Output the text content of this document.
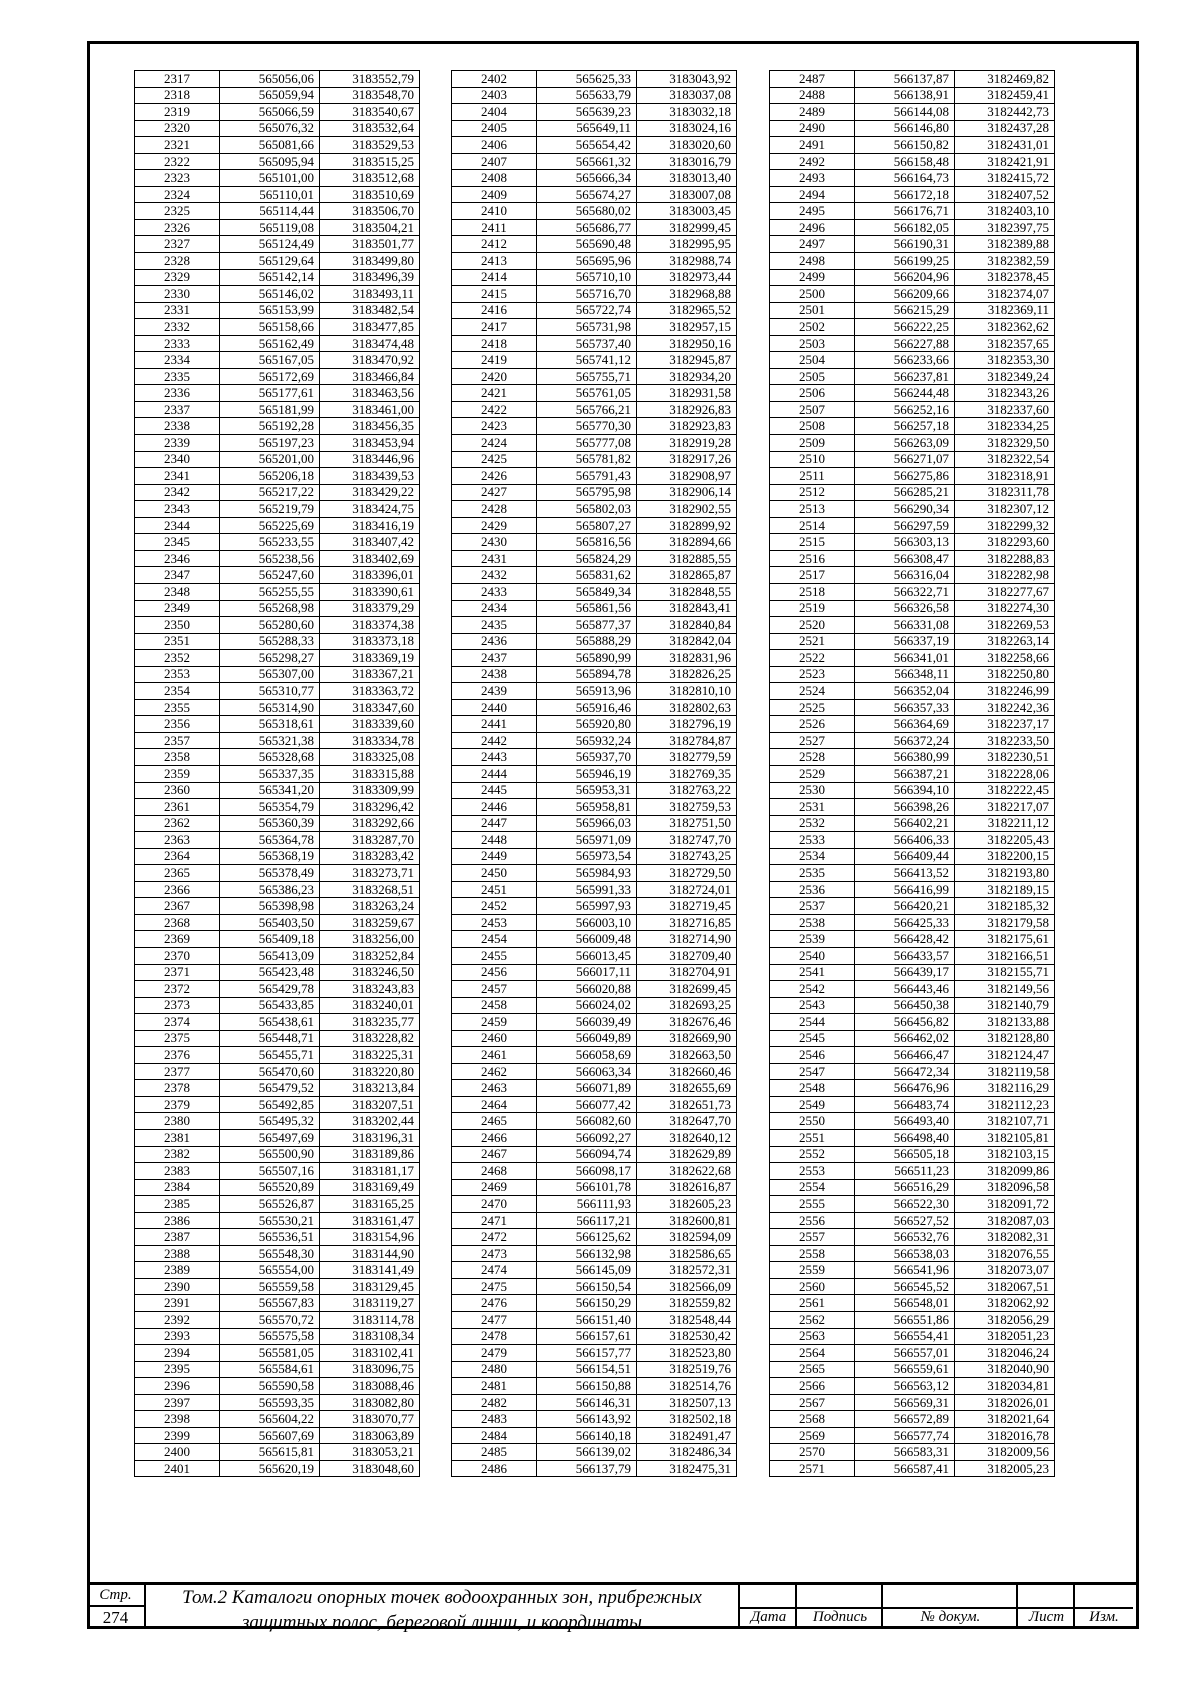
2317	565056,06	3183552,79
2318	565059,94	3183548,70
2319	565066,59	3183540,67
2320	565076,32	3183532,64
2321	565081,66	3183529,53
2322	565095,94	3183515,25
2323	565101,00	3183512,68
2324	565110,01	3183510,69
2325	565114,44	3183506,70
2326	565119,08	3183504,21
2327	565124,49	3183501,77
2328	565129,64	3183499,80
2329	565142,14	3183496,39
2330	565146,02	3183493,11
2331	565153,99	3183482,54
2332	565158,66	3183477,85
2333	565162,49	3183474,48
2334	565167,05	3183470,92
2335	565172,69	3183466,84
2336	565177,61	3183463,56
2337	565181,99	3183461,00
2338	565192,28	3183456,35
2339	565197,23	3183453,94
2340	565201,00	3183446,96
2341	565206,18	3183439,53
2342	565217,22	3183429,22
2343	565219,79	3183424,75
2344	565225,69	3183416,19
2345	565233,55	3183407,42
2346	565238,56	3183402,69
2347	565247,60	3183396,01
2348	565255,55	3183390,61
2349	565268,98	3183379,29
2350	565280,60	3183374,38
2351	565288,33	3183373,18
2352	565298,27	3183369,19
2353	565307,00	3183367,21
2354	565310,77	3183363,72
2355	565314,90	3183347,60
2356	565318,61	3183339,60
2357	565321,38	3183334,78
2358	565328,68	3183325,08
2359	565337,35	3183315,88
2360	565341,20	3183309,99
2361	565354,79	3183296,42
2362	565360,39	3183292,66
2363	565364,78	3183287,70
2364	565368,19	3183283,42
2365	565378,49	3183273,71
2366	565386,23	3183268,51
2367	565398,98	3183263,24
2368	565403,50	3183259,67
2369	565409,18	3183256,00
2370	565413,09	3183252,84
2371	565423,48	3183246,50
2372	565429,78	3183243,83
2373	565433,85	3183240,01
2374	565438,61	3183235,77
2375	565448,71	3183228,82
2376	565455,71	3183225,31
2377	565470,60	3183220,80
2378	565479,52	3183213,84
2379	565492,85	3183207,51
2380	565495,32	3183202,44
2381	565497,69	3183196,31
2382	565500,90	3183189,86
2383	565507,16	3183181,17
2384	565520,89	3183169,49
2385	565526,87	3183165,25
2386	565530,21	3183161,47
2387	565536,51	3183154,96
2388	565548,30	3183144,90
2389	565554,00	3183141,49
2390	565559,58	3183129,45
2391	565567,83	3183119,27
2392	565570,72	3183114,78
2393	565575,58	3183108,34
2394	565581,05	3183102,41
2395	565584,61	3183096,75
2396	565590,58	3183088,46
2397	565593,35	3183082,80
2398	565604,22	3183070,77
2399	565607,69	3183063,89
2400	565615,81	3183053,21
2401	565620,19	3183048,60
2402	565625,33	3183043,92
2403	565633,79	3183037,08
2404	565639,23	3183032,18
2405	565649,11	3183024,16
2406	565654,42	3183020,60
2407	565661,32	3183016,79
2408	565666,34	3183013,40
2409	565674,27	3183007,08
2410	565680,02	3183003,45
2411	565686,77	3182999,45
2412	565690,48	3182995,95
2413	565695,96	3182988,74
2414	565710,10	3182973,44
2415	565716,70	3182968,88
2416	565722,74	3182965,52
2417	565731,98	3182957,15
2418	565737,40	3182950,16
2419	565741,12	3182945,87
2420	565755,71	3182934,20
2421	565761,05	3182931,58
2422	565766,21	3182926,83
2423	565770,30	3182923,83
2424	565777,08	3182919,28
2425	565781,82	3182917,26
2426	565791,43	3182908,97
2427	565795,98	3182906,14
2428	565802,03	3182902,55
2429	565807,27	3182899,92
2430	565816,56	3182894,66
2431	565824,29	3182885,55
2432	565831,62	3182865,87
2433	565849,34	3182848,55
2434	565861,56	3182843,41
2435	565877,37	3182840,84
2436	565888,29	3182842,04
2437	565890,99	3182831,96
2438	565894,78	3182826,25
2439	565913,96	3182810,10
2440	565916,46	3182802,63
2441	565920,80	3182796,19
2442	565932,24	3182784,87
2443	565937,70	3182779,59
2444	565946,19	3182769,35
2445	565953,31	3182763,22
2446	565958,81	3182759,53
2447	565966,03	3182751,50
2448	565971,09	3182747,70
2449	565973,54	3182743,25
2450	565984,93	3182729,50
2451	565991,33	3182724,01
2452	565997,93	3182719,45
2453	566003,10	3182716,85
2454	566009,48	3182714,90
2455	566013,45	3182709,40
2456	566017,11	3182704,91
2457	566020,88	3182699,45
2458	566024,02	3182693,25
2459	566039,49	3182676,46
2460	566049,89	3182669,90
2461	566058,69	3182663,50
2462	566063,34	3182660,46
2463	566071,89	3182655,69
2464	566077,42	3182651,73
2465	566082,60	3182647,70
2466	566092,27	3182640,12
2467	566094,74	3182629,89
2468	566098,17	3182622,68
2469	566101,78	3182616,87
2470	566111,93	3182605,23
2471	566117,21	3182600,81
2472	566125,62	3182594,09
2473	566132,98	3182586,65
2474	566145,09	3182572,31
2475	566150,54	3182566,09
2476	566150,29	3182559,82
2477	566151,40	3182548,44
2478	566157,61	3182530,42
2479	566157,77	3182523,80
2480	566154,51	3182519,76
2481	566150,88	3182514,76
2482	566146,31	3182507,13
2483	566143,92	3182502,18
2484	566140,18	3182491,47
2485	566139,02	3182486,34
2486	566137,79	3182475,31
2487	566137,87	3182469,82
2488	566138,91	3182459,41
2489	566144,08	3182442,73
2490	566146,80	3182437,28
2491	566150,82	3182431,01
2492	566158,48	3182421,91
2493	566164,73	3182415,72
2494	566172,18	3182407,52
2495	566176,71	3182403,10
2496	566182,05	3182397,75
2497	566190,31	3182389,88
2498	566199,25	3182382,59
2499	566204,96	3182378,45
2500	566209,66	3182374,07
2501	566215,29	3182369,11
2502	566222,25	3182362,62
2503	566227,88	3182357,65
2504	566233,66	3182353,30
2505	566237,81	3182349,24
2506	566244,48	3182343,26
2507	566252,16	3182337,60
2508	566257,18	3182334,25
2509	566263,09	3182329,50
2510	566271,07	3182322,54
2511	566275,86	3182318,91
2512	566285,21	3182311,78
2513	566290,34	3182307,12
2514	566297,59	3182299,32
2515	566303,13	3182293,60
2516	566308,47	3182288,83
2517	566316,04	3182282,98
2518	566322,71	3182277,67
2519	566326,58	3182274,30
2520	566331,08	3182269,53
2521	566337,19	3182263,14
2522	566341,01	3182258,66
2523	566348,11	3182250,80
2524	566352,04	3182246,99
2525	566357,33	3182242,36
2526	566364,69	3182237,17
2527	566372,24	3182233,50
2528	566380,99	3182230,51
2529	566387,21	3182228,06
2530	566394,10	3182222,45
2531	566398,26	3182217,07
2532	566402,21	3182211,12
2533	566406,33	3182205,43
2534	566409,44	3182200,15
2535	566413,52	3182193,80
2536	566416,99	3182189,15
2537	566420,21	3182185,32
2538	566425,33	3182179,58
2539	566428,42	3182175,61
2540	566433,57	3182166,51
2541	566439,17	3182155,71
2542	566443,46	3182149,56
2543	566450,38	3182140,79
2544	566456,82	3182133,88
2545	566462,02	3182128,80
2546	566466,47	3182124,47
2547	566472,34	3182119,58
2548	566476,96	3182116,29
2549	566483,74	3182112,23
2550	566493,40	3182107,71
2551	566498,40	3182105,81
2552	566505,18	3182103,15
2553	566511,23	3182099,86
2554	566516,29	3182096,58
2555	566522,30	3182091,72
2556	566527,52	3182087,03
2557	566532,76	3182082,31
2558	566538,03	3182076,55
2559	566541,96	3182073,07
2560	566545,52	3182067,51
2561	566548,01	3182062,92
2562	566551,86	3182056,29
2563	566554,41	3182051,23
2564	566557,01	3182046,24
2565	566559,61	3182040,90
2566	566563,12	3182034,81
2567	566569,31	3182026,01
2568	566572,89	3182021,64
2569	566577,74	3182016,78
2570	566583,31	3182009,56
2571	566587,41	3182005,23
Стр.
274
Том.2 Каталоги опорных точек водоохранных зон, прибрежных
защитных полос, береговой линии, и координаты	Дата	Подпись	№ докум.	Лист	Изм.
